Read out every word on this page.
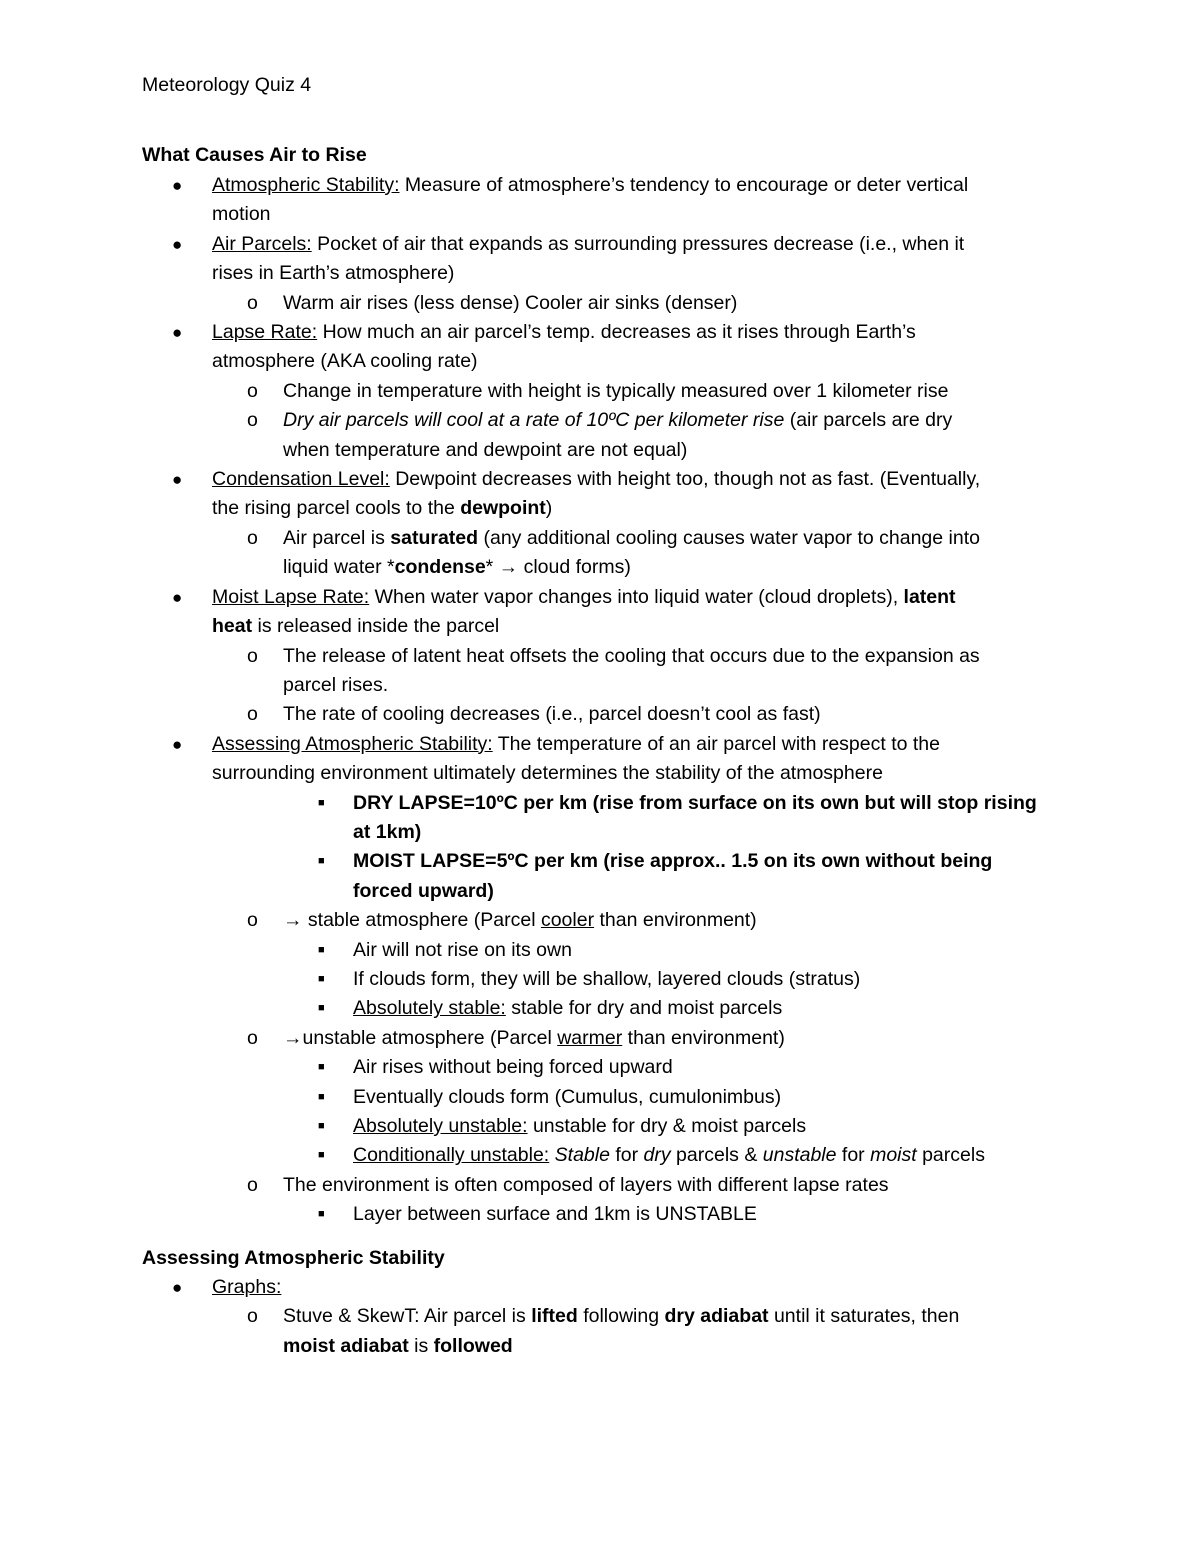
Meteorology Quiz 4
What Causes Air to Rise
● Atmospheric Stability: Measure of atmosphere’s tendency to encourage or deter vertical

motion

● Air Parcels: Pocket of air that expands as surrounding pressures decrease (i.e., when it

rises in Earth’s atmosphere)

o Warm air rises (less dense) Cooler air sinks (denser)

● Lapse Rate: How much an air parcel’s temp. decreases as it rises through Earth’s

atmosphere (AKA cooling rate)

o Change in temperature with height is typically measured over 1 kilometer rise

o Dry air parcels will cool at a rate of 10ºC per kilometer rise (air parcels are dry

when temperature and dewpoint are not equal)

● Condensation Level: Dewpoint decreases with height too, though not as fast. (Eventually,

the rising parcel cools to the dewpoint)

o Air parcel is saturated (any additional cooling causes water vapor to change into

liquid water *condense* → cloud forms)

● Moist Lapse Rate: When water vapor changes into liquid water (cloud droplets), latent

heat is released inside the parcel

o The release of latent heat offsets the cooling that occurs due to the expansion as

parcel rises.

o The rate of cooling decreases (i.e., parcel doesn’t cool as fast)

● Assessing Atmospheric Stability: The temperature of an air parcel with respect to the

surrounding environment ultimately determines the stability of the atmosphere

■ DRY LAPSE=10ºC per km (rise from surface on its own but will stop rising

at 1km)

■ MOIST LAPSE=5ºC per km (rise approx.. 1.5 on its own without being

forced upward)

o → stable atmosphere (Parcel cooler than environment)

■ Air will not rise on its own

■ If clouds form, they will be shallow, layered clouds (stratus)

■ Absolutely stable: stable for dry and moist parcels

o →unstable atmosphere (Parcel warmer than environment)

■ Air rises without being forced upward

■ Eventually clouds form (Cumulus, cumulonimbus)

■ Absolutely unstable: unstable for dry & moist parcels

■ Conditionally unstable: Stable for dry parcels & unstable for moist parcels

o The environment is often composed of layers with different lapse rates

■ Layer between surface and 1km is UNSTABLE

Assessing Atmospheric Stability
● Graphs:

o Stuve & SkewT: Air parcel is lifted following dry adiabat until it saturates, then

moist adiabat is followed
